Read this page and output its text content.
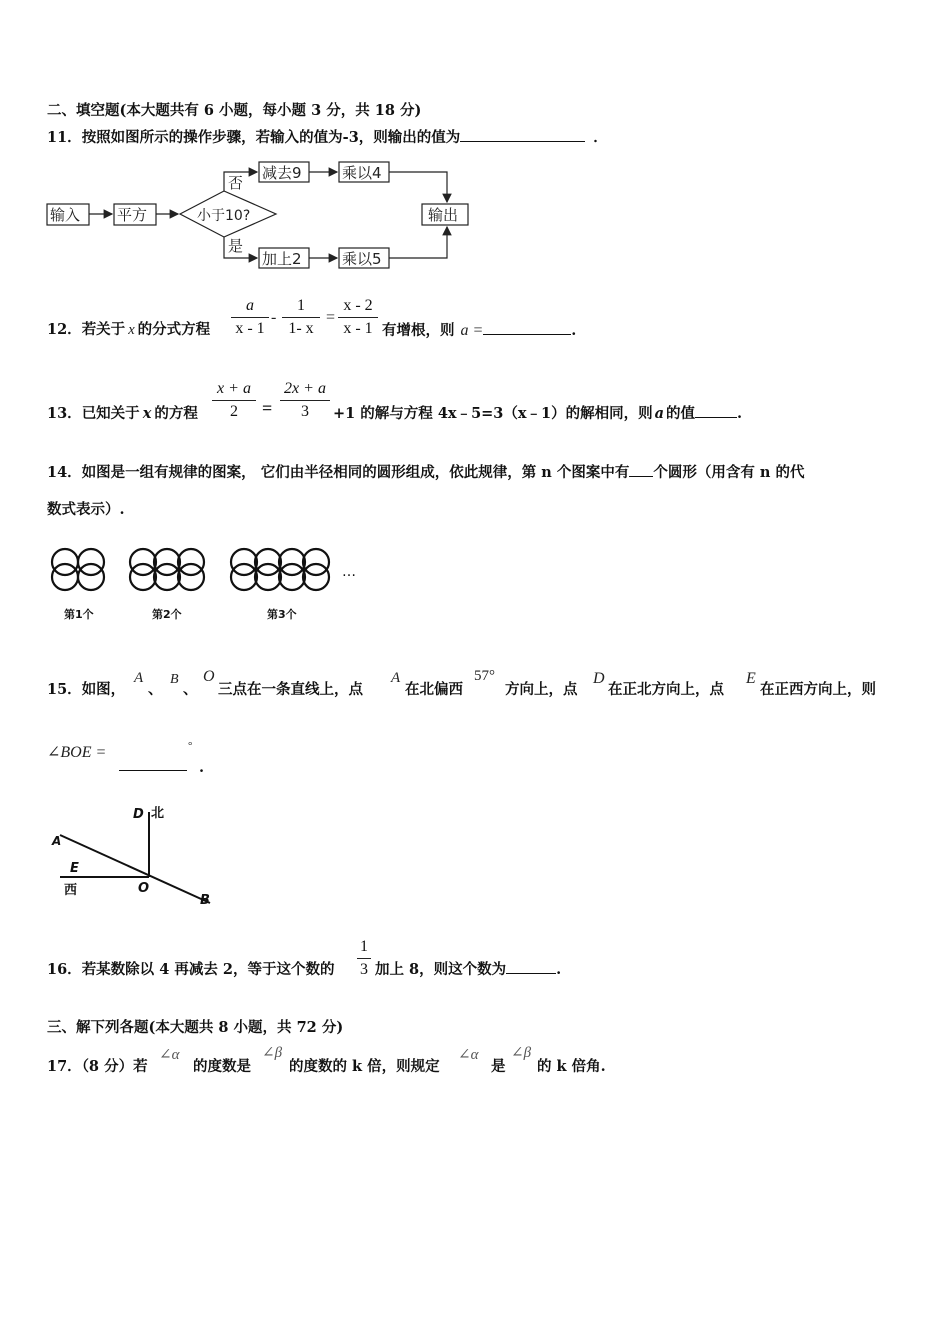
二、填空题(本大题共有 6 小题，每小题 3 分，共 18 分)
11．按照如图所示的操作步骤，若输入的值为-3，则输出的值为	．
输入 平方	小于10?
否
是
减去9	乘以4
加上2	乘以5
输出
12．若关于 x 的分式方程
a
x - 1
-
1
1- x
=
x - 2
x - 1 有增根，则 a =	.
13．已知关于 x 的方程
x + a
2	=
2x + a
3	+1 的解与方程 4x﹣5=3（x﹣1）的解相同，则 a 的值	.
14．如图是一组有规律的图案， 它们由半径相同的圆形组成，依此规律，第 n 个图案中有 个圆形（用含有 n 的代
数式表示）.
…
第1个	第2个	第3个
15．如图，
A
、
B
、
O
三点在一条直线上，点
A
在北偏西
57°
方向上，点
D
在正北方向上，点
E
在正西方向上，则
∠BOE =	°
.
D 北
A
E
西	O
B
16．若某数除以 4 再减去 2，等于这个数的
1
3 加上 8，则这个数为	.
三、解下列各题(本大题共 8 小题，共 72 分)
17．（8 分）若
∠α
的度数是
∠β
的度数的 k 倍，则规定
∠α
是
∠β
的 k 倍角.
